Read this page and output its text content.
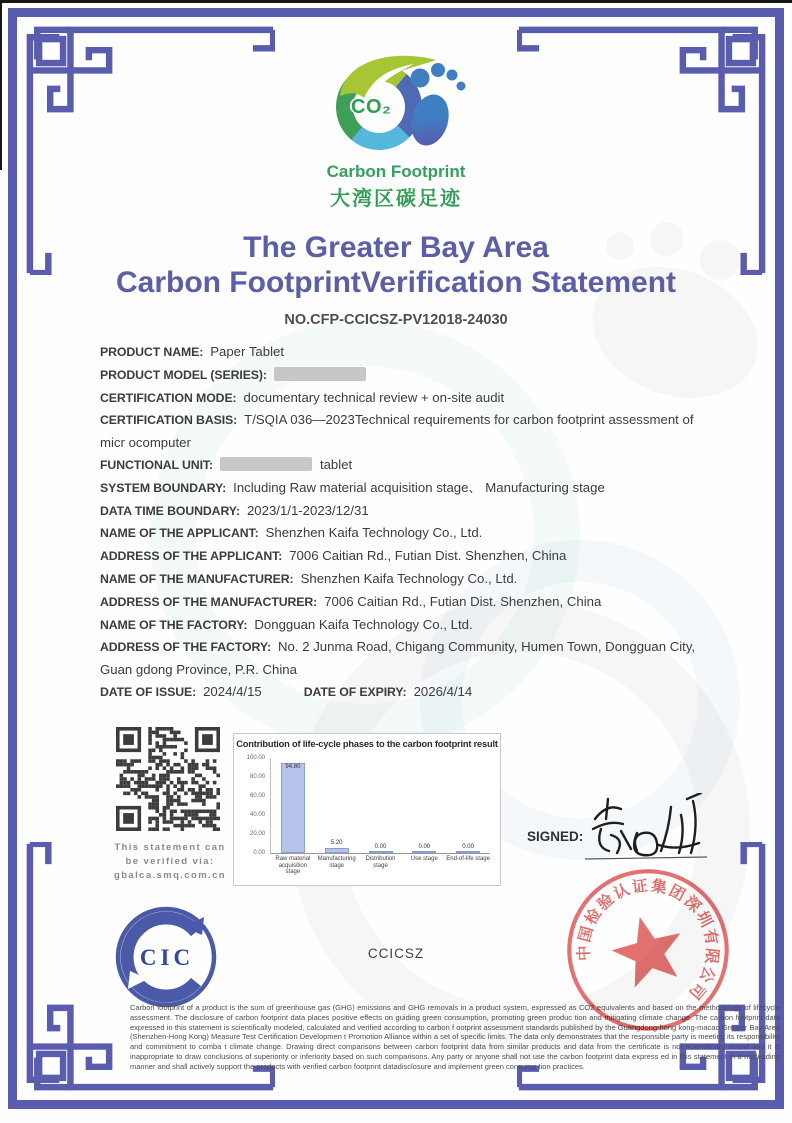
CO₂
Carbon Footprint
大湾区碳足迹
The Greater Bay Area
Carbon FootprintVerification Statement
NO.CFP-CCICSZ-PV12018-24030
PRODUCT NAME: Paper Tablet
PRODUCT MODEL (SERIES):
CERTIFICATION MODE: documentary technical review + on-site audit
CERTIFICATION BASIS: T/SQIA 036—2023Technical requirements for carbon footprint assessment of micr ocomputer
FUNCTIONAL UNIT:	tablet
SYSTEM BOUNDARY: Including Raw material acquisition stage、 Manufacturing stage
DATA TIME BOUNDARY: 2023/1/1-2023/12/31
NAME OF THE APPLICANT: Shenzhen Kaifa Technology Co., Ltd.
ADDRESS OF THE APPLICANT: 7006 Caitian Rd., Futian Dist. Shenzhen, China
NAME OF THE MANUFACTURER: Shenzhen Kaifa Technology Co., Ltd.
ADDRESS OF THE MANUFACTURER: 7006 Caitian Rd., Futian Dist. Shenzhen, China
NAME OF THE FACTORY: Dongguan Kaifa Technology Co., Ltd.
ADDRESS OF THE FACTORY: No. 2 Junma Road, Chigang Community, Humen Town, Dongguan City, Guan gdong Province, P.R. China
DATE OF ISSUE: 2024/4/15	DATE OF EXPIRY: 2026/4/14
This statement can
be verified via:
gbalca.smq.com.cn
Contribution of life-cycle phases to the carbon footprint result
100.00
80.00
60.00
40.00
20.00
0.00
94.80
Raw material acquisition stage
5.20
Manufacturing stage
0.00
Distribution stage
0.00
Use stage
0.00
End-of-life stage
SIGNED:
中国检验认证集团深圳有限公司
CIC	CCICSZ

Carbon footprint of a product is the sum of greenhouse gas (GHG) emissions and GHG removals in a product system, expressed as CO2 equivalents and based on the methodology of lifecycle assessment. The disclosure of carbon footprint data places positive effects on guiding green consumption, promoting green produc tion and mitigating climate change. The carbon footprint data expressed in this statement is scientifically modeled, calculated and verified according to carbon f ootprint assessment standards published by the Guangdong-hong kong-macao Greater Bay Area (Shenzhen-Hong Kong) Measure Test Certification Developmen t Promotion Alliance within a set of specific limits. The data only demonstrates that the responsible party is meeting its responsibility and commitment to comba t climate change. Drawing direct comparisons between carbon footprint data from similar products and data from the certificate is not scientifically sound and it is inappropriate to draw conclusions of superiority or inferiority based on such comparisons. Any party or anyone shall not use the carbon footprint data express ed in this statement in a misleading manner and shall actively support the products with verified carbon footprint datadisclosure and implement green consump tion practices.
